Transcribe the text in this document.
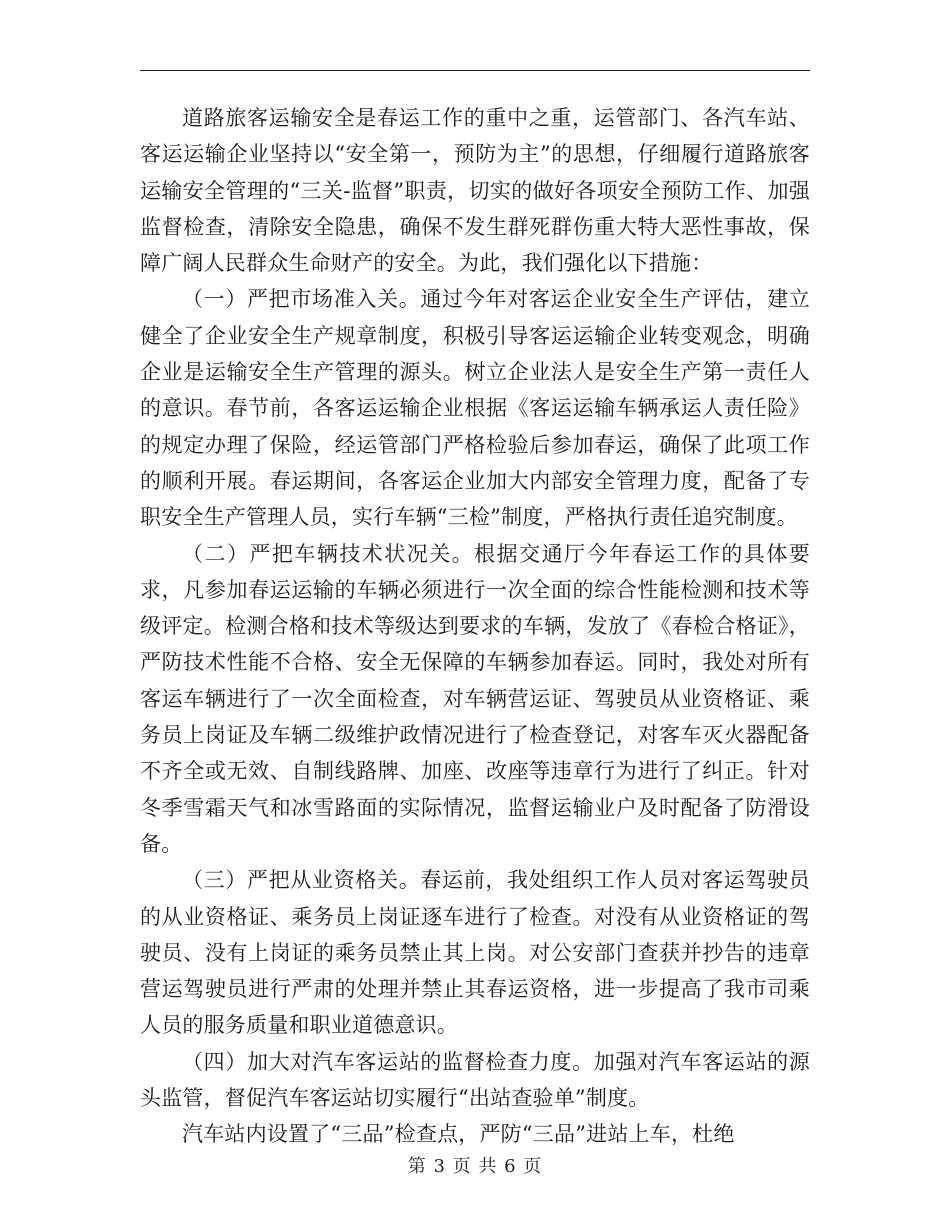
道路旅客运输安全是春运工作的重中之重，运管部门、各汽车站、客运运输企业坚持以“安全第一，预防为主”的思想，仔细履行道路旅客运输安全管理的“三关-监督”职责，切实的做好各项安全预防工作、加强监督检查，清除安全隐患，确保不发生群死群伤重大特大恶性事故，保障广阔人民群众生命财产的安全。为此，我们强化以下措施：

（一）严把市场准入关。通过今年对客运企业安全生产评估，建立健全了企业安全生产规章制度，积极引导客运运输企业转变观念，明确企业是运输安全生产管理的源头。树立企业法人是安全生产第一责任人的意识。春节前，各客运运输企业根据《客运运输车辆承运人责任险》的规定办理了保险，经运管部门严格检验后参加春运，确保了此项工作的顺利开展。春运期间，各客运企业加大内部安全管理力度，配备了专职安全生产管理人员，实行车辆“三检”制度，严格执行责任追究制度。

（二）严把车辆技术状况关。根据交通厅今年春运工作的具体要求，凡参加春运运输的车辆必须进行一次全面的综合性能检测和技术等级评定。检测合格和技术等级达到要求的车辆，发放了《春检合格证》，严防技术性能不合格、安全无保障的车辆参加春运。同时，我处对所有客运车辆进行了一次全面检查，对车辆营运证、驾驶员从业资格证、乘务员上岗证及车辆二级维护政情况进行了检查登记，对客车灭火器配备不齐全或无效、自制线路牌、加座、改座等违章行为进行了纠正。针对冬季雪霜天气和冰雪路面的实际情况，监督运输业户及时配备了防滑设备。

（三）严把从业资格关。春运前，我处组织工作人员对客运驾驶员的从业资格证、乘务员上岗证逐车进行了检查。对没有从业资格证的驾驶员、没有上岗证的乘务员禁止其上岗。对公安部门查获并抄告的违章营运驾驶员进行严肃的处理并禁止其春运资格，进一步提高了我市司乘人员的服务质量和职业道德意识。

（四）加大对汽车客运站的监督检查力度。加强对汽车客运站的源头监管，督促汽车客运站切实履行“出站查验单”制度。

汽车站内设置了“三品”检查点，严防“三品”进站上车，杜绝

第 3 页 共 6 页
